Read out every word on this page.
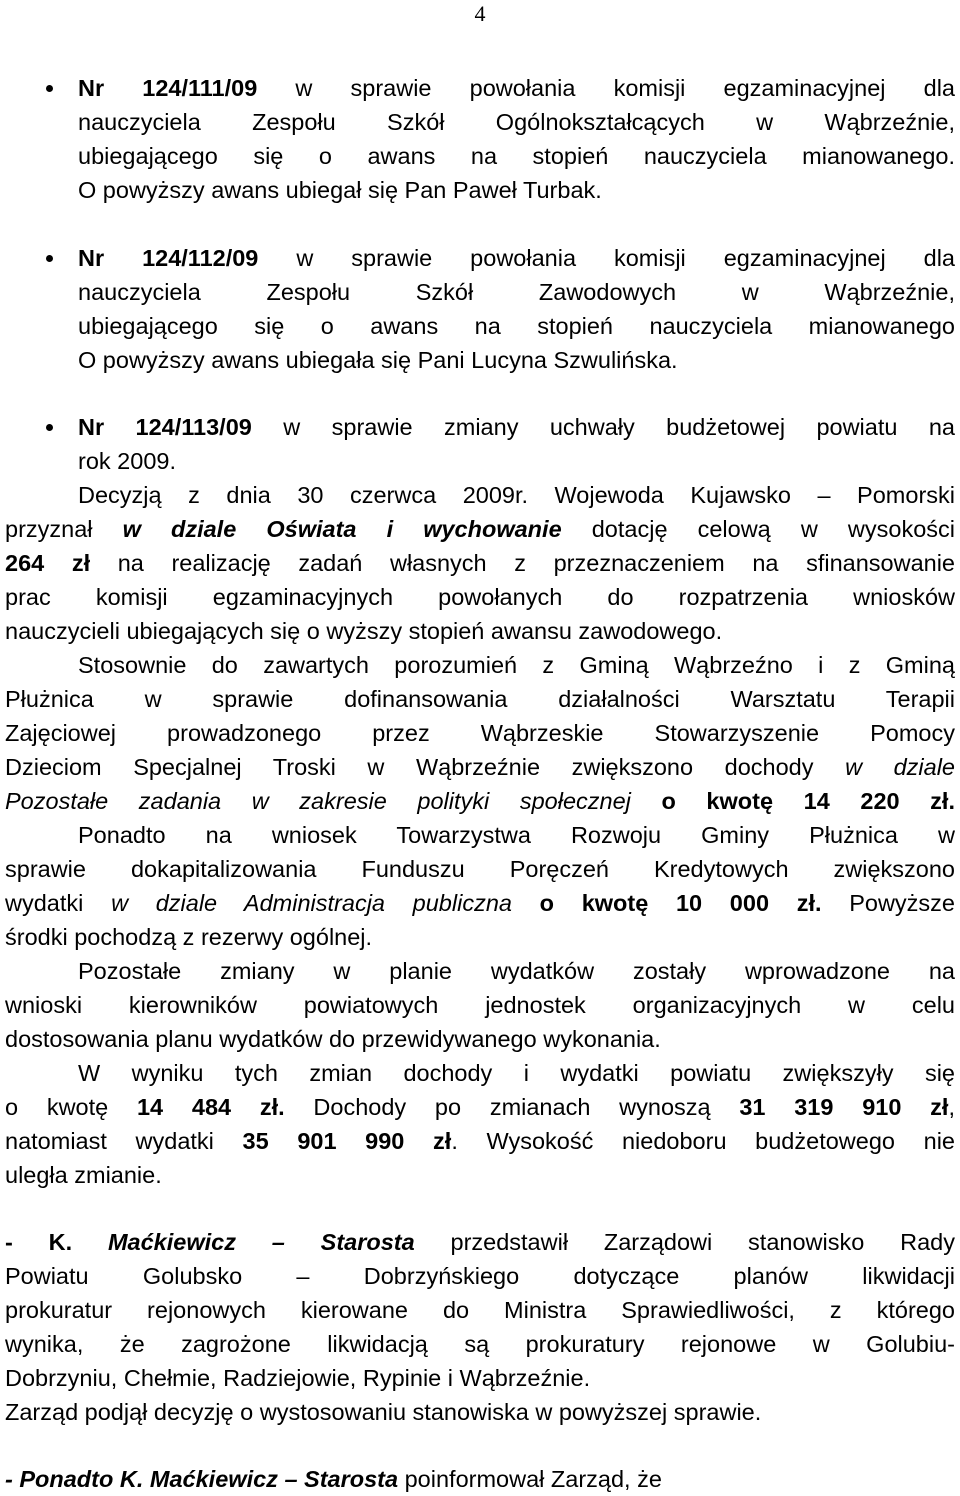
4
Nr 124/111/09 w sprawie powołania komisji egzaminacyjnej dla
nauczyciela Zespołu Szkół Ogólnokształcących w Wąbrzeźnie,
ubiegającego się o awans na stopień nauczyciela mianowanego.
O powyższy awans ubiegał się Pan Paweł Turbak.
Nr 124/112/09 w sprawie powołania komisji egzaminacyjnej dla
nauczyciela Zespołu Szkół Zawodowych w Wąbrzeźnie,
ubiegającego się o awans na stopień nauczyciela mianowanego
O powyższy awans ubiegała się Pani Lucyna Szwulińska.
Nr 124/113/09 w sprawie zmiany uchwały budżetowej powiatu na
rok 2009.
Decyzją z dnia 30 czerwca 2009r. Wojewoda Kujawsko – Pomorski
przyznał w dziale Oświata i wychowanie dotację celową w wysokości
264 zł na realizację zadań własnych z przeznaczeniem na sfinansowanie
prac komisji egzaminacyjnych powołanych do rozpatrzenia wniosków
nauczycieli ubiegających się o wyższy stopień awansu zawodowego.
Stosownie do zawartych porozumień z Gminą Wąbrzeźno i z Gminą
Płużnica w sprawie dofinansowania działalności Warsztatu Terapii
Zajęciowej prowadzonego przez Wąbrzeskie Stowarzyszenie Pomocy
Dzieciom Specjalnej Troski w Wąbrzeźnie zwiększono dochody w dziale
Pozostałe zadania w zakresie polityki społecznej o kwotę 14 220 zł.
Ponadto na wniosek Towarzystwa Rozwoju Gminy Płużnica w
sprawie dokapitalizowania Funduszu Poręczeń Kredytowych zwiększono
wydatki w dziale Administracja publiczna o kwotę 10 000 zł. Powyższe
środki pochodzą z rezerwy ogólnej.
Pozostałe zmiany w planie wydatków zostały wprowadzone na
wnioski kierowników powiatowych jednostek organizacyjnych w celu
dostosowania planu wydatków do przewidywanego wykonania.
W wyniku tych zmian dochody i wydatki powiatu zwiększyły się
o kwotę 14 484 zł. Dochody po zmianach wynoszą 31 319 910 zł,
natomiast wydatki 35 901 990 zł. Wysokość niedoboru budżetowego nie
uległa zmianie.
- K. Maćkiewicz – Starosta przedstawił Zarządowi stanowisko Rady
Powiatu Golubsko – Dobrzyńskiego dotyczące planów likwidacji
prokuratur rejonowych kierowane do Ministra Sprawiedliwości, z którego
wynika, że zagrożone likwidacją są prokuratury rejonowe w Golubiu-
Dobrzyniu, Chełmie, Radziejowie, Rypinie i Wąbrzeźnie.
Zarząd podjął decyzję o wystosowaniu stanowiska w powyższej sprawie.
- Ponadto K. Maćkiewicz – Starosta poinformował Zarząd, że
